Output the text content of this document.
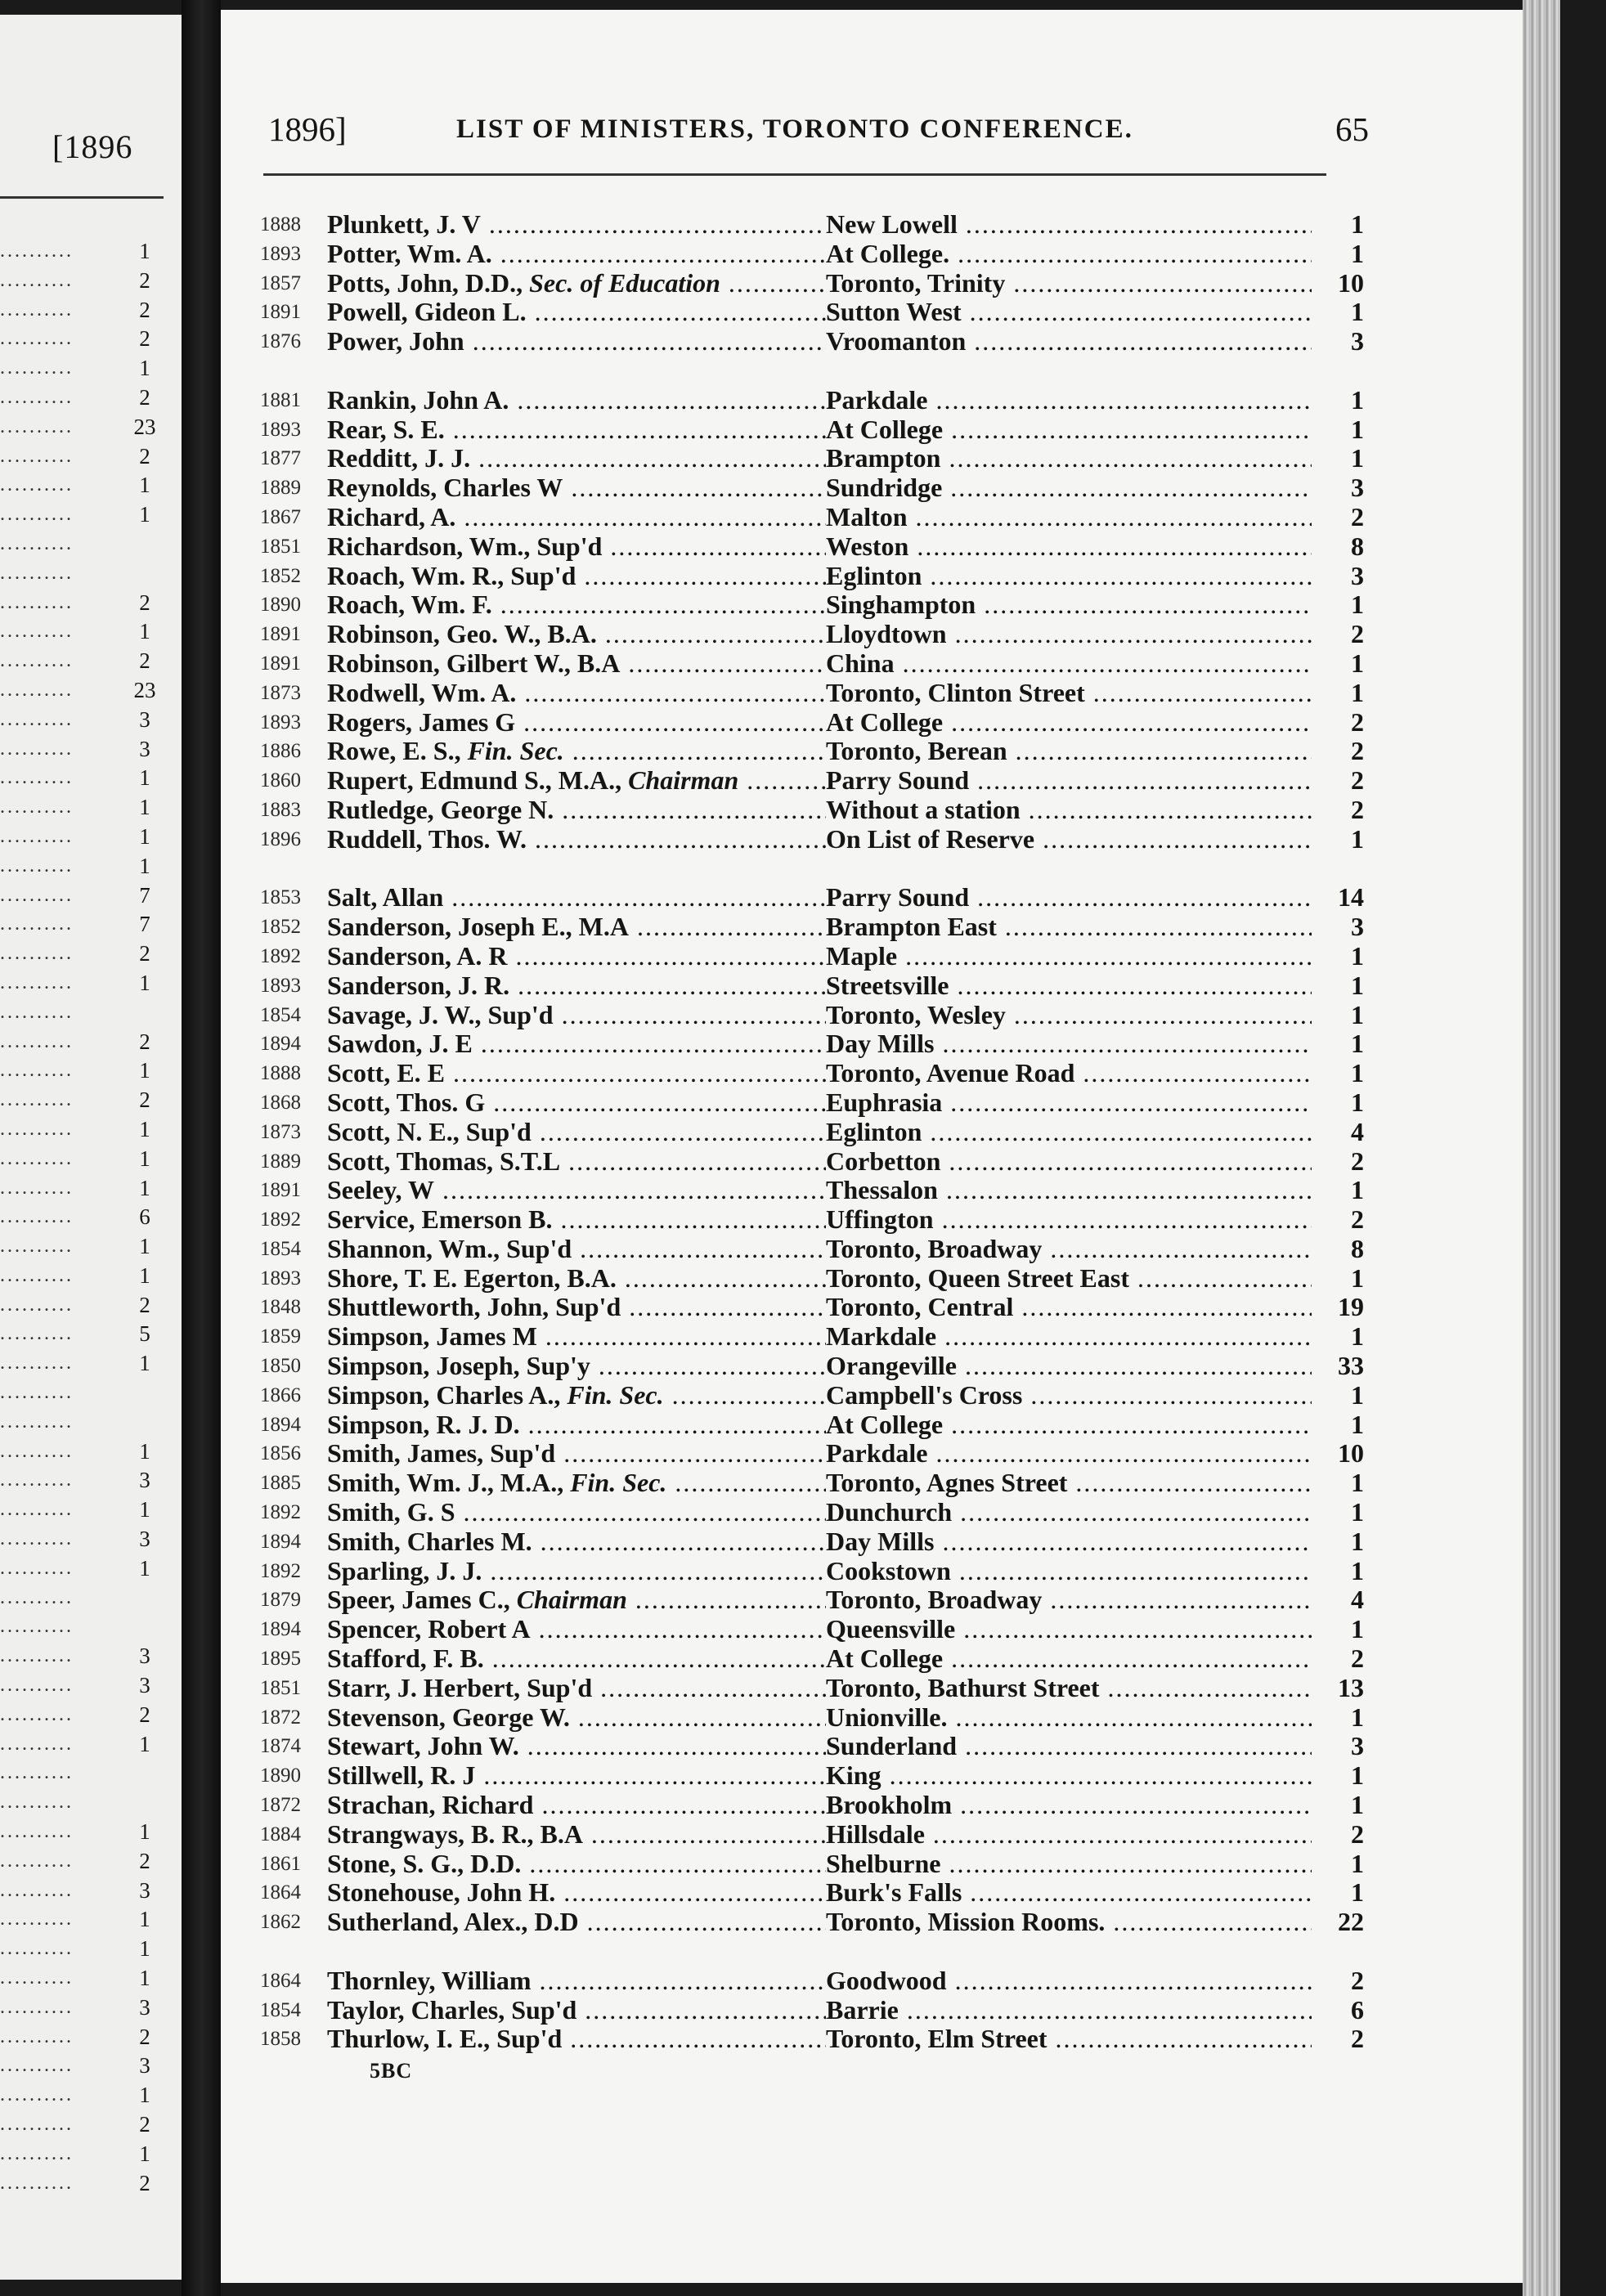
[1896
..........	1
..........	2
..........	2
..........	2
..........	1
..........	2
..........	23
..........	2
..........	1
..........	1
..........
..........
..........	2
..........	1
..........	2
..........	23
..........	3
..........	3
..........	1
..........	1
..........	1
..........	1
..........	7
..........	7
..........	2
..........	1
..........
..........	2
..........	1
..........	2
..........	1
..........	1
..........	1
..........	6
..........	1
..........	1
..........	2
..........	5
..........	1
..........
..........
..........	1
..........	3
..........	1
..........	3
..........	1
..........
..........
..........	3
..........	3
..........	2
..........	1
..........
..........
..........	1
..........	2
..........	3
..........	1
..........	1
..........	1
..........	3
..........	2
..........	3
..........	1
..........	2
..........	1
..........	2
1896]	LIST OF MINISTERS, TORONTO CONFERENCE.	65
1888	Plunkett, J. V .....	New Lowell .....	1
1893	Potter, Wm. A. .....	At College. .....	1
1857	Potts, John, D.D., Sec. of Education .....	Toronto, Trinity .....	10
1891	Powell, Gideon L. .....	Sutton West .....	1
1876	Power, John .....	Vroomanton .....	3
1881	Rankin, John A. .....	Parkdale .....	1
1893	Rear, S. E. .....	At College .....	1
1877	Redditt, J. J. .....	Brampton .....	1
1889	Reynolds, Charles W .....	Sundridge .....	3
1867	Richard, A. .....	Malton .....	2
1851	Richardson, Wm., Sup'd .....	Weston .....	8
1852	Roach, Wm. R., Sup'd .....	Eglinton .....	3
1890	Roach, Wm. F. .....	Singhampton .....	1
1891	Robinson, Geo. W., B.A. .....	Lloydtown .....	2
1891	Robinson, Gilbert W., B.A .....	China .....	1
1873	Rodwell, Wm. A. .....	Toronto, Clinton Street .....	1
1893	Rogers, James G .....	At College .....	2
1886	Rowe, E. S., Fin. Sec. .....	Toronto, Berean .....	2
1860	Rupert, Edmund S., M.A., Chairman .....	Parry Sound .....	2
1883	Rutledge, George N. .....	Without a station .....	2
1896	Ruddell, Thos. W. .....	On List of Reserve .....	1
1853	Salt, Allan .....	Parry Sound .....	14
1852	Sanderson, Joseph E., M.A .....	Brampton East .....	3
1892	Sanderson, A. R .....	Maple .....	1
1893	Sanderson, J. R. .....	Streetsville .....	1
1854	Savage, J. W., Sup'd .....	Toronto, Wesley .....	1
1894	Sawdon, J. E .....	Day Mills .....	1
1888	Scott, E. E .....	Toronto, Avenue Road .....	1
1868	Scott, Thos. G .....	Euphrasia .....	1
1873	Scott, N. E., Sup'd .....	Eglinton .....	4
1889	Scott, Thomas, S.T.L .....	Corbetton .....	2
1891	Seeley, W .....	Thessalon .....	1
1892	Service, Emerson B. .....	Uffington .....	2
1854	Shannon, Wm., Sup'd .....	Toronto, Broadway .....	8
1893	Shore, T. E. Egerton, B.A. .....	Toronto, Queen Street East .....	1
1848	Shuttleworth, John, Sup'd .....	Toronto, Central .....	19
1859	Simpson, James M .....	Markdale .....	1
1850	Simpson, Joseph, Sup'y .....	Orangeville .....	33
1866	Simpson, Charles A., Fin. Sec. .....	Campbell's Cross .....	1
1894	Simpson, R. J. D. .....	At College .....	1
1856	Smith, James, Sup'd .....	Parkdale .....	10
1885	Smith, Wm. J., M.A., Fin. Sec. .....	Toronto, Agnes Street .....	1
1892	Smith, G. S .....	Dunchurch .....	1
1894	Smith, Charles M. .....	Day Mills .....	1
1892	Sparling, J. J. .....	Cookstown .....	1
1879	Speer, James C., Chairman .....	Toronto, Broadway .....	4
1894	Spencer, Robert A .....	Queensville .....	1
1895	Stafford, F. B. .....	At College .....	2
1851	Starr, J. Herbert, Sup'd .....	Toronto, Bathurst Street .....	13
1872	Stevenson, George W. .....	Unionville. .....	1
1874	Stewart, John W. .....	Sunderland .....	3
1890	Stillwell, R. J .....	King .....	1
1872	Strachan, Richard .....	Brookholm .....	1
1884	Strangways, B. R., B.A .....	Hillsdale .....	2
1861	Stone, S. G., D.D. .....	Shelburne .....	1
1864	Stonehouse, John H. .....	Burk's Falls .....	1
1862	Sutherland, Alex., D.D .....	Toronto, Mission Rooms. .....	22
1864	Thornley, William .....	Goodwood .....	2
1854	Taylor, Charles, Sup'd .....	Barrie .....	6
1858	Thurlow, I. E., Sup'd .....	Toronto, Elm Street .....	2
5BC
